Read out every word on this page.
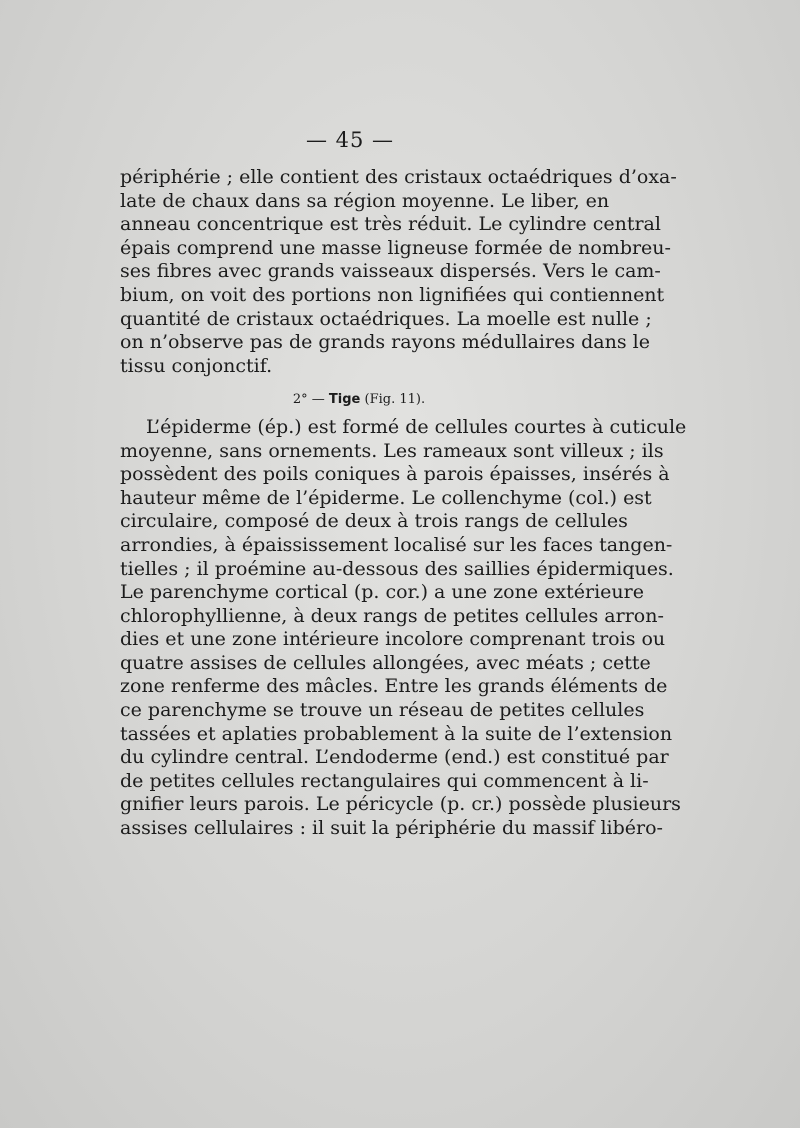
— 45 —
périphérie ; elle contient des cristaux octaédriques d’oxa-
late de chaux dans sa région moyenne. Le liber, en
anneau concentrique est très réduit. Le cylindre central
épais comprend une masse ligneuse formée de nombreu-
ses fibres avec grands vaisseaux dispersés. Vers le cam-
bium, on voit des portions non lignifiées qui contiennent
quantité de cristaux octaédriques. La moelle est nulle ;
on n’observe pas de grands rayons médullaires dans le
tissu conjonctif.
2° — Tige (Fig. 11).
L’épiderme (ép.) est formé de cellules courtes à cuticule
moyenne, sans ornements. Les rameaux sont villeux ; ils
possèdent des poils coniques à parois épaisses, insérés à
hauteur même de l’épiderme. Le collenchyme (col.) est
circulaire, composé de deux à trois rangs de cellules
arrondies, à épaississement localisé sur les faces tangen-
tielles ; il proémine au-dessous des saillies épidermiques.
Le parenchyme cortical (p. cor.) a une zone extérieure
chlorophyllienne, à deux rangs de petites cellules arron-
dies et une zone intérieure incolore comprenant trois ou
quatre assises de cellules allongées, avec méats ; cette
zone renferme des mâcles. Entre les grands éléments de
ce parenchyme se trouve un réseau de petites cellules
tassées et aplaties probablement à la suite de l’extension
du cylindre central. L’endoderme (end.) est constitué par
de petites cellules rectangulaires qui commencent à li-
gnifier leurs parois. Le péricycle (p. cr.) possède plusieurs
assises cellulaires : il suit la périphérie du massif libéro-
